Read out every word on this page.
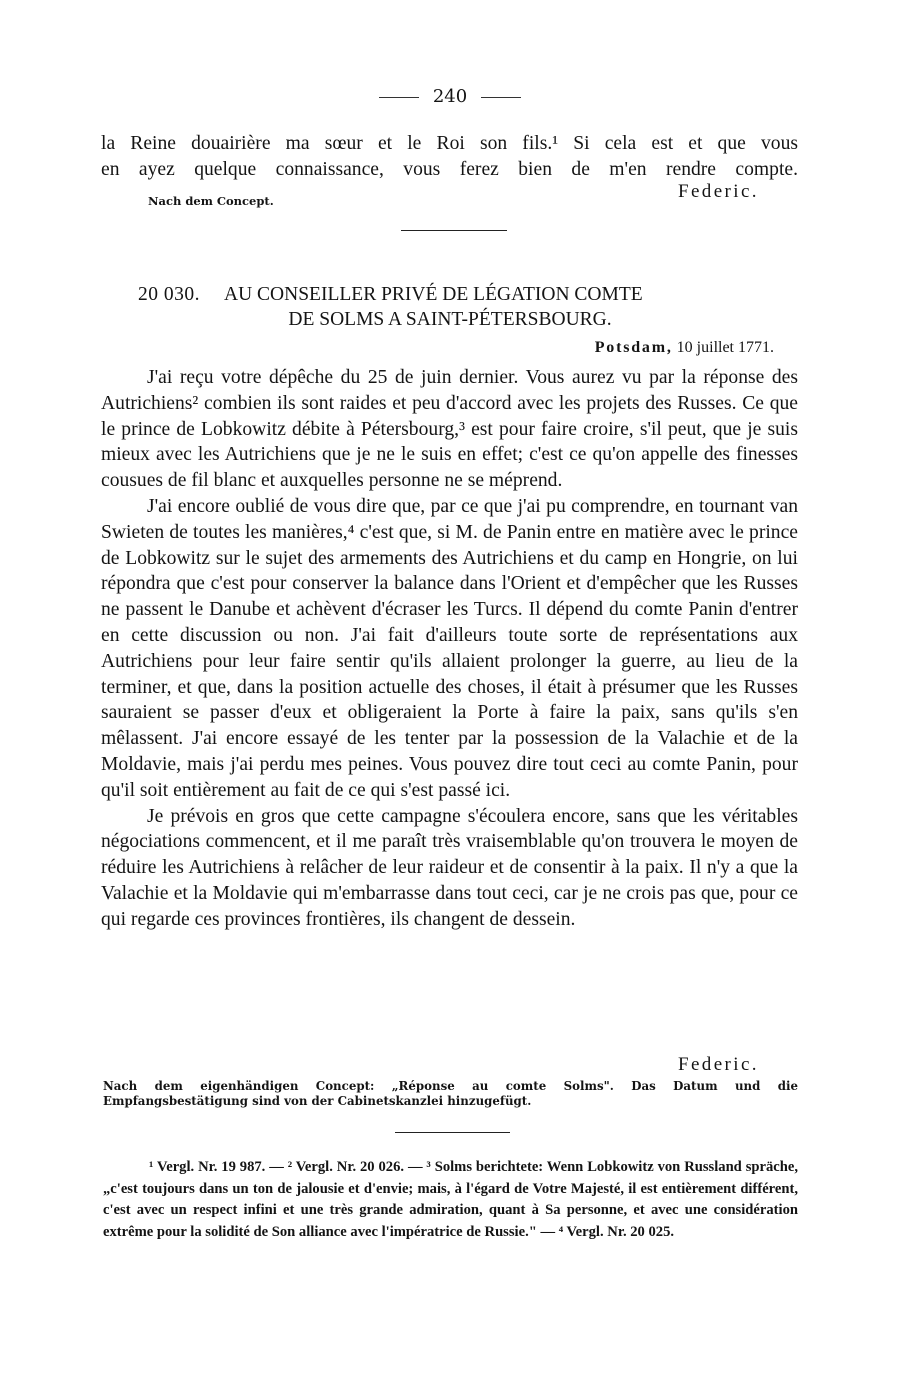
240

la Reine douairière ma sœur et le Roi son fils.¹ Si cela est et que vous

en ayez quelque connaissance, vous ferez bien de m'en rendre compte.

Nach dem Concept.	Federic.
20 030. AU CONSEILLER PRIVÉ DE LÉGATION COMTE
DE SOLMS A SAINT-PÉTERSBOURG.
Potsdam, 10 juillet 1771.

J'ai reçu votre dépêche du 25 de juin dernier. Vous aurez vu par la réponse des Autrichiens² combien ils sont raides et peu d'accord avec les projets des Russes. Ce que le prince de Lobkowitz débite à Pétersbourg,³ est pour faire croire, s'il peut, que je suis mieux avec les Autrichiens que je ne le suis en effet; c'est ce qu'on appelle des finesses cousues de fil blanc et auxquelles personne ne se méprend.

J'ai encore oublié de vous dire que, par ce que j'ai pu comprendre, en tournant van Swieten de toutes les manières,⁴ c'est que, si M. de Panin entre en matière avec le prince de Lobkowitz sur le sujet des armements des Autrichiens et du camp en Hongrie, on lui répondra que c'est pour conserver la balance dans l'Orient et d'empêcher que les Russes ne passent le Danube et achèvent d'écraser les Turcs. Il dépend du comte Panin d'entrer en cette discussion ou non. J'ai fait d'ailleurs toute sorte de représentations aux Autrichiens pour leur faire sentir qu'ils allaient prolonger la guerre, au lieu de la terminer, et que, dans la position actuelle des choses, il était à présumer que les Russes sauraient se passer d'eux et obligeraient la Porte à faire la paix, sans qu'ils s'en mêlassent. J'ai encore essayé de les tenter par la possession de la Valachie et de la Moldavie, mais j'ai perdu mes peines. Vous pouvez dire tout ceci au comte Panin, pour qu'il soit entièrement au fait de ce qui s'est passé ici.

Je prévois en gros que cette campagne s'écoulera encore, sans que les véritables négociations commencent, et il me paraît très vraisemblable qu'on trouvera le moyen de réduire les Autrichiens à relâcher de leur raideur et de consentir à la paix. Il n'y a que la Valachie et la Moldavie qui m'embarrasse dans tout ceci, car je ne crois pas que, pour ce qui regarde ces provinces frontières, ils changent de dessein.

Federic.
Nach dem eigenhändigen Concept: „Réponse au comte Solms". Das Datum und die Empfangsbestätigung sind von der Cabinetskanzlei hinzugefügt.

¹ Vergl. Nr. 19 987. — ² Vergl. Nr. 20 026. — ³ Solms berichtete: Wenn Lobkowitz von Russland spräche, „c'est toujours dans un ton de jalousie et d'envie; mais, à l'égard de Votre Majesté, il est entièrement différent, c'est avec un respect infini et une très grande admiration, quant à Sa personne, et avec une considération extrême pour la solidité de Son alliance avec l'impératrice de Russie." — ⁴ Vergl. Nr. 20 025.
